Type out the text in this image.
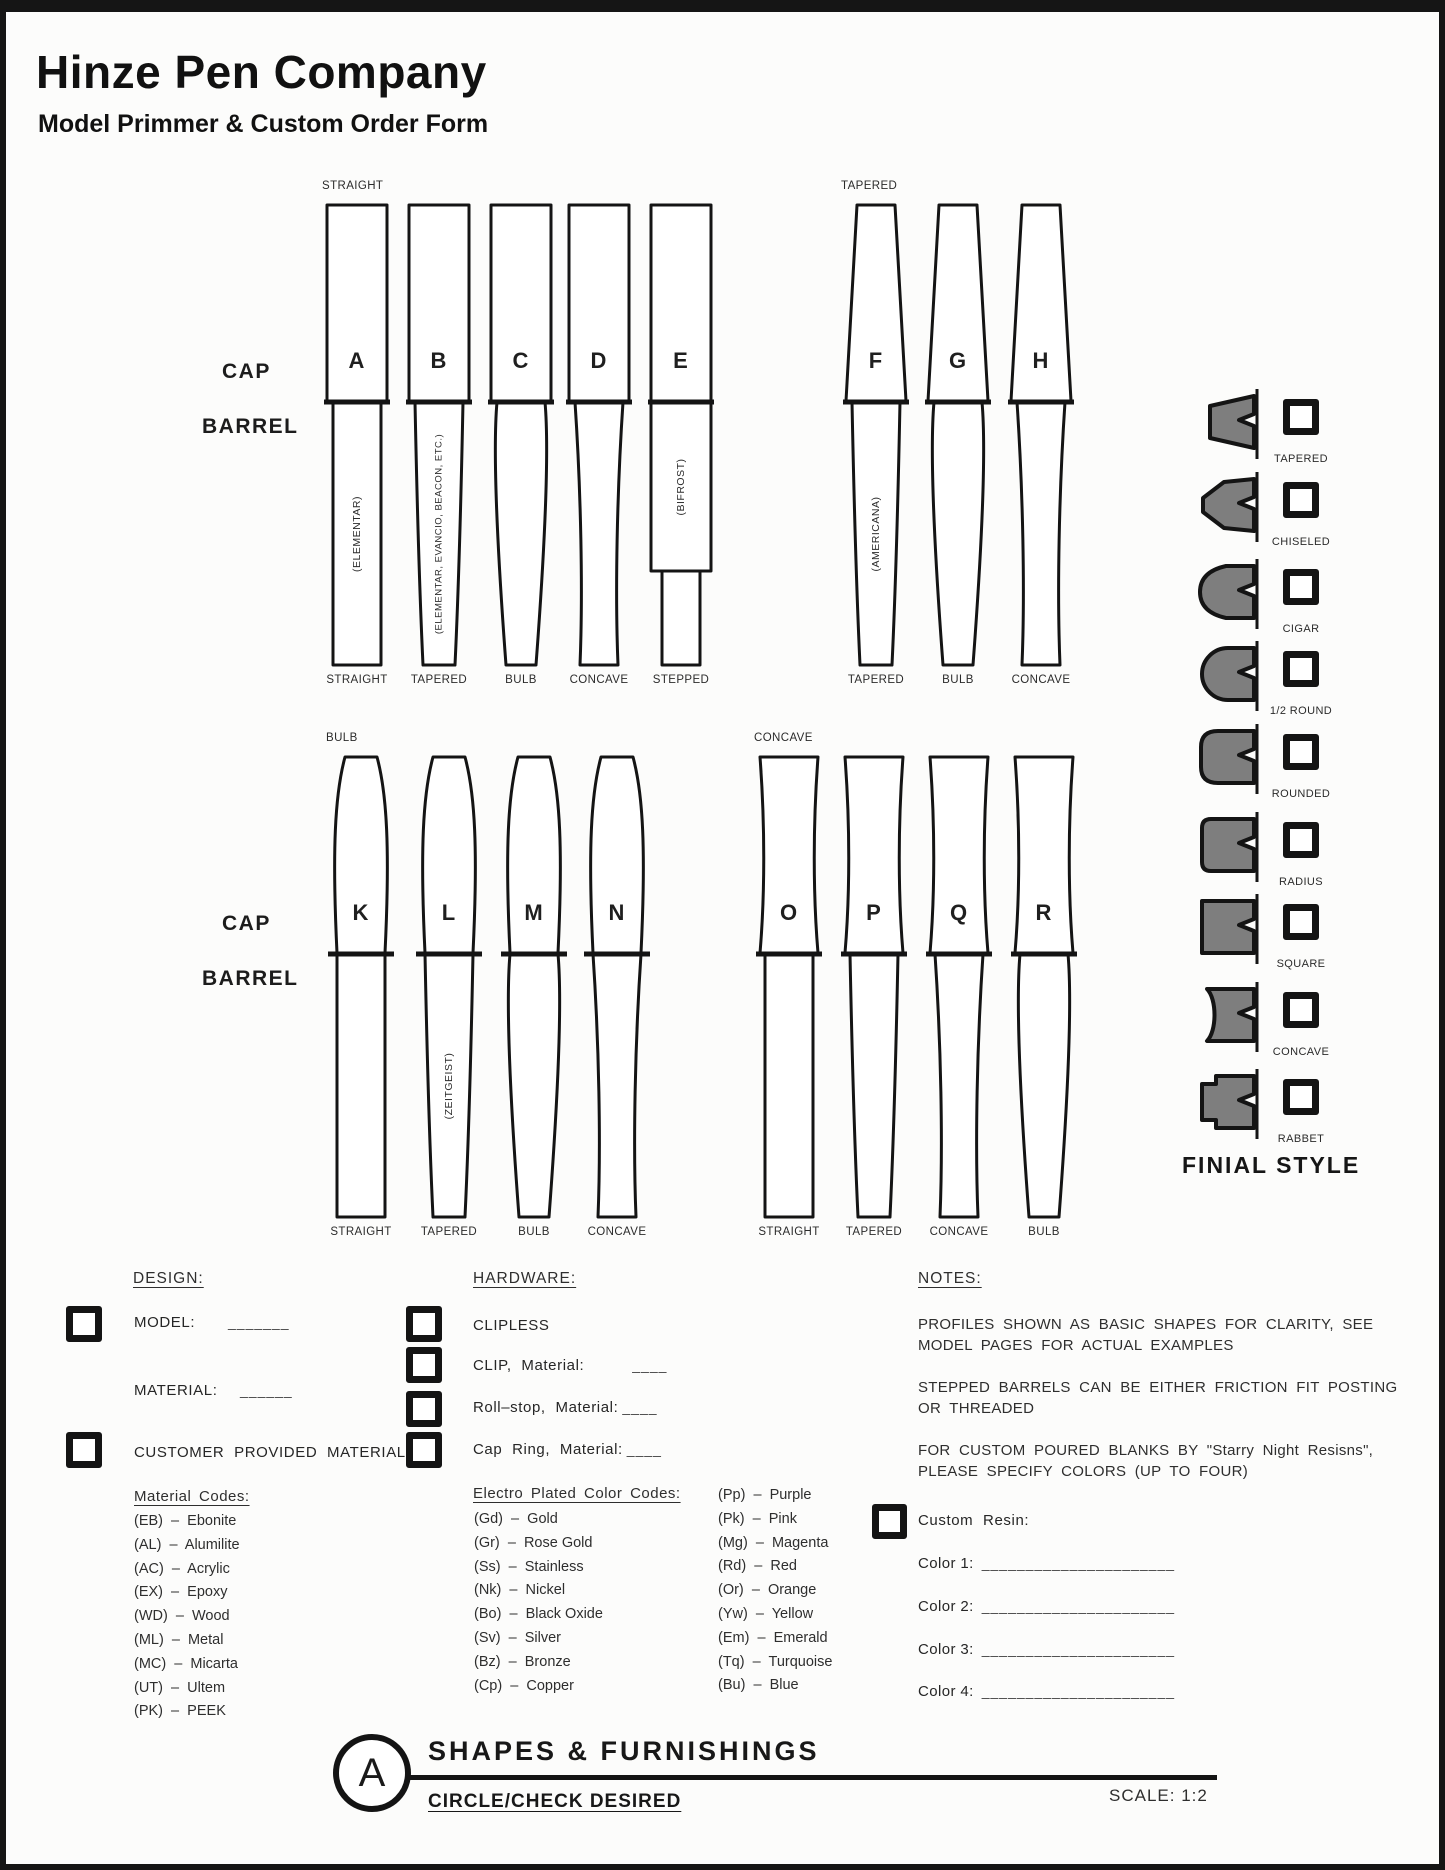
Hinze Pen Company
Model Primmer & Custom Order Form
CAP
BARREL
CAP
BARREL
A
STRAIGHT
STRAIGHT
(ELEMENTAR)
B
TAPERED
(ELEMENTAR, EVANCIO, BEACON, ETC.)
C
BULB
D
CONCAVE
E
STEPPED
(BIFROST)
F
TAPERED
TAPERED
(AMERICANA)
G
BULB
H
CONCAVE
K
BULB
STRAIGHT
L
TAPERED
(ZEITGEIST)
M
BULB
N
CONCAVE
O
CONCAVE
STRAIGHT
P
TAPERED
Q
CONCAVE
R
BULB
TAPERED
CHISELED
CIGAR
1/2 ROUND
ROUNDED
RADIUS
SQUARE
CONCAVE
RABBET
FINIAL STYLE
DESIGN:
MODEL: _______
MATERIAL: ______
CUSTOMER PROVIDED MATERIAL
Material Codes:
(EB)  –  Ebonite
(AL)  –  Alumilite
(AC)  –  Acrylic
(EX)  –  Epoxy
(WD)  –  Wood
(ML)  –  Metal
(MC)  –  Micarta
(UT)  –  Ultem
(PK)  –  PEEK
HARDWARE:
CLIPLESS
CLIP, Material:	____
Roll–stop, Material: ____
Cap Ring, Material: ____
Electro Plated Color Codes:
(Gd)  –  Gold
(Gr)  –  Rose Gold
(Ss)  –  Stainless
(Nk)  –  Nickel
(Bo)  –  Black Oxide
(Sv)  –  Silver
(Bz)  –  Bronze
(Cp)  –  Copper
(Pp)  –  Purple
(Pk)  –  Pink
(Mg)  –  Magenta
(Rd)  –  Red
(Or)  –  Orange
(Yw)  –  Yellow
(Em)  –  Emerald
(Tq)  –  Turquoise
(Bu)  –  Blue
NOTES:
PROFILES SHOWN AS BASIC SHAPES FOR CLARITY, SEE MODEL PAGES FOR ACTUAL EXAMPLES
STEPPED BARRELS CAN BE EITHER FRICTION FIT POSTING OR THREADED
FOR CUSTOM POURED BLANKS BY "Starry Night Resisns", PLEASE SPECIFY COLORS (UP TO FOUR)
Custom Resin:
Color 1: ______________________
Color 2: ______________________
Color 3: ______________________
Color 4: ______________________
A	SHAPES & FURNISHINGS
CIRCLE/CHECK DESIRED	SCALE: 1:2
